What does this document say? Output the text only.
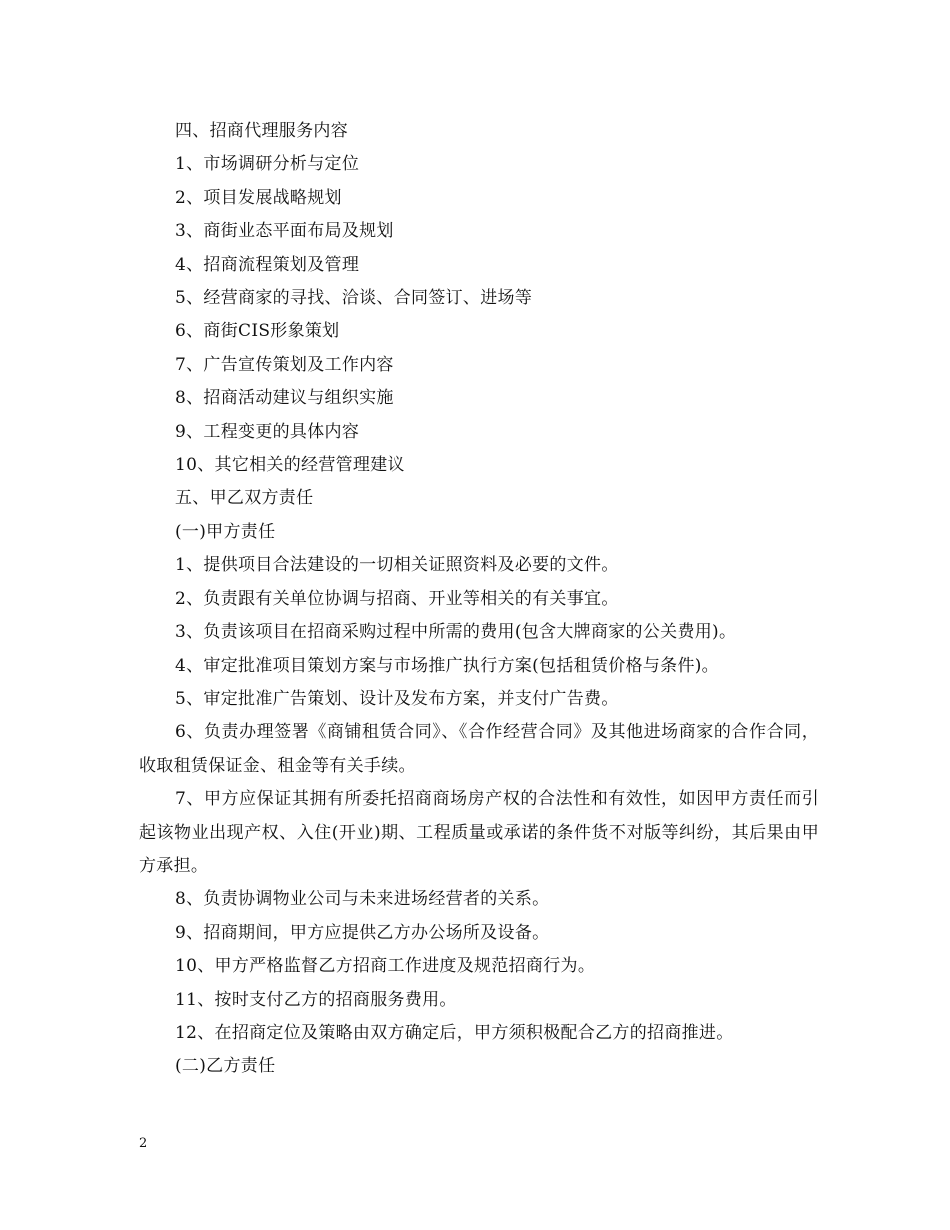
四、招商代理服务内容

1、市场调研分析与定位

2、项目发展战略规划

3、商街业态平面布局及规划

4、招商流程策划及管理

5、经营商家的寻找、洽谈、合同签订、进场等

6、商街CIS形象策划

7、广告宣传策划及工作内容

8、招商活动建议与组织实施

9、工程变更的具体内容

10、其它相关的经营管理建议

五、甲乙双方责任

(一)甲方责任

1、提供项目合法建设的一切相关证照资料及必要的文件。

2、负责跟有关单位协调与招商、开业等相关的有关事宜。

3、负责该项目在招商采购过程中所需的费用(包含大牌商家的公关费用)。

4、审定批准项目策划方案与市场推广执行方案(包括租赁价格与条件)。

5、审定批准广告策划、设计及发布方案，并支付广告费。

6、负责办理签署《商铺租赁合同》、《合作经营合同》及其他进场商家的合作合同，收取租赁保证金、租金等有关手续。

7、甲方应保证其拥有所委托招商商场房产权的合法性和有效性，如因甲方责任而引起该物业出现产权、入住(开业)期、工程质量或承诺的条件货不对版等纠纷，其后果由甲方承担。

8、负责协调物业公司与未来进场经营者的关系。

9、招商期间，甲方应提供乙方办公场所及设备。

10、甲方严格监督乙方招商工作进度及规范招商行为。

11、按时支付乙方的招商服务费用。

12、在招商定位及策略由双方确定后，甲方须积极配合乙方的招商推进。

(二)乙方责任

2
